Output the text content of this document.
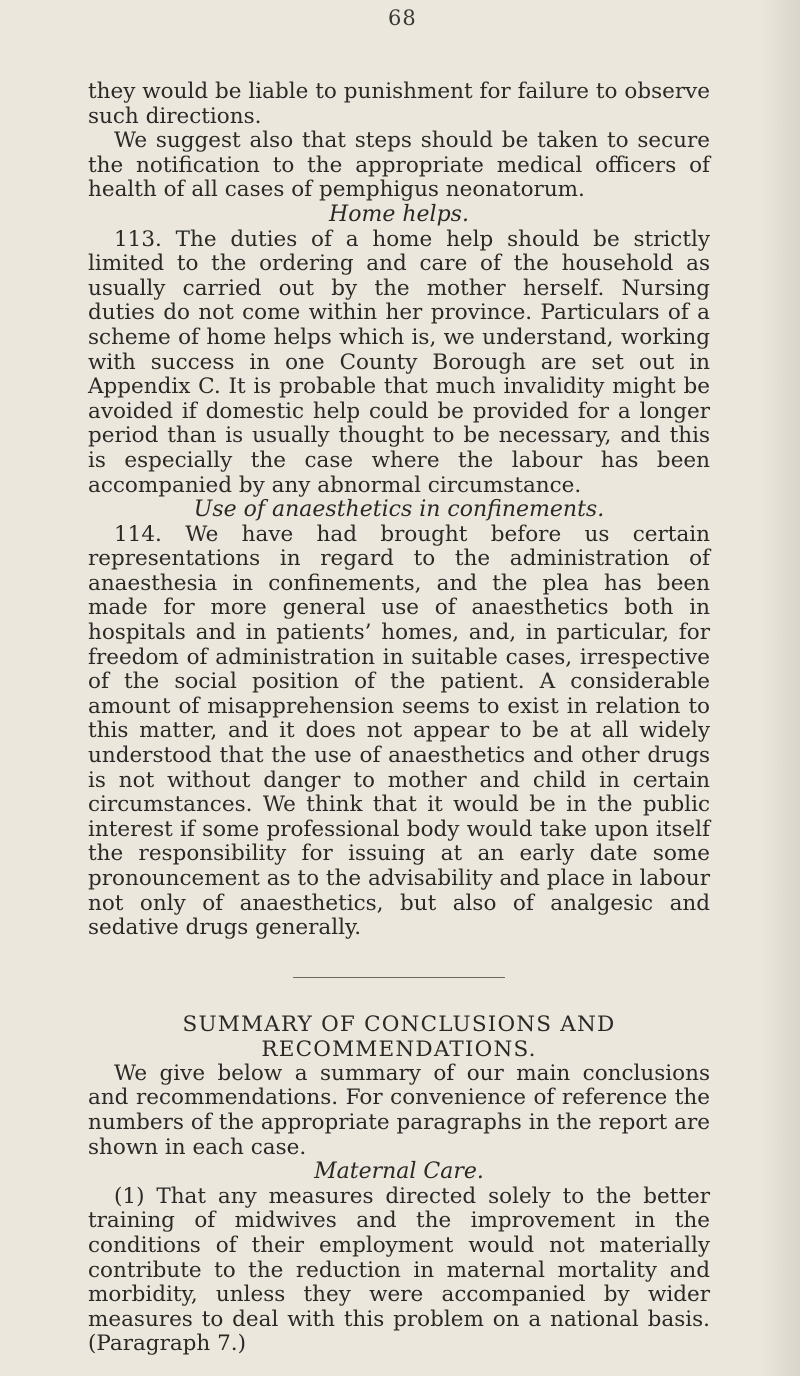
68

they would be liable to punishment for failure to observe such directions.

We suggest also that steps should be taken to secure the notification to the appropriate medical officers of health of all cases of pemphigus neonatorum.

Home helps.

113. The duties of a home help should be strictly limited to the ordering and care of the household as usually carried out by the mother herself. Nursing duties do not come within her province. Particulars of a scheme of home helps which is, we understand, working with success in one County Borough are set out in Appendix C. It is probable that much invalidity might be avoided if domestic help could be provided for a longer period than is usually thought to be necessary, and this is especially the case where the labour has been accompanied by any abnormal circumstance.

Use of anaesthetics in confinements.

114. We have had brought before us certain representations in regard to the administration of anaesthesia in confinements, and the plea has been made for more general use of anaesthetics both in hospitals and in patients’ homes, and, in particular, for freedom of administration in suitable cases, irrespective of the social position of the patient. A considerable amount of misapprehension seems to exist in relation to this matter, and it does not appear to be at all widely understood that the use of anaesthetics and other drugs is not without danger to mother and child in certain circumstances. We think that it would be in the public interest if some professional body would take upon itself the responsibility for issuing at an early date some pronouncement as to the advisability and place in labour not only of anaesthetics, but also of analgesic and sedative drugs generally.

SUMMARY OF CONCLUSIONS AND
RECOMMENDATIONS.

We give below a summary of our main conclusions and recommendations. For convenience of reference the numbers of the appropriate paragraphs in the report are shown in each case.

Maternal Care.

(1) That any measures directed solely to the better training of midwives and the improvement in the conditions of their employment would not materially contribute to the reduction in maternal mortality and morbidity, unless they were accompanied by wider measures to deal with this problem on a national basis. (Paragraph 7.)
